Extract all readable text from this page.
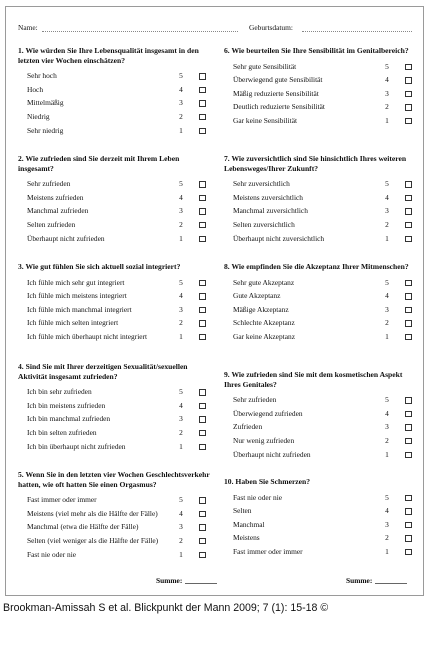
Name:	Geburtsdatum:
1. Wie würden Sie Ihre Lebensqualität insgesamt in den letzten vier Wochen einschätzen?
Sehr hoch	5
Hoch	4
Mittelmäßig	3
Niedrig	2
Sehr niedrig	1
2. Wie zufrieden sind Sie derzeit mit Ihrem Leben insgesamt?
Sehr zufrieden	5
Meistens zufrieden	4
Manchmal zufrieden	3
Selten zufrieden	2
Überhaupt nicht zufrieden	1
3. Wie gut fühlen Sie sich aktuell sozial integriert?
Ich fühle mich sehr gut integriert	5
Ich fühle mich meistens integriert	4
Ich fühle mich manchmal integriert	3
Ich fühle mich selten integriert	2
Ich fühle mich überhaupt nicht integriert	1
4. Sind Sie mit Ihrer derzeitigen Sexualität/sexuellen Aktivität insgesamt zufrieden?
Ich bin sehr zufrieden	5
Ich bin meistens zufrieden	4
Ich bin manchmal zufrieden	3
Ich bin selten zufrieden	2
Ich bin überhaupt nicht zufrieden	1
5. Wenn Sie in den letzten vier Wochen Geschlechtsverkehr hatten, wie oft hatten Sie einen Orgasmus?
Fast immer oder immer	5
Meistens (viel mehr als die Hälfte der Fälle)	4
Manchmal (etwa die Hälfte der Fälle)	3
Selten (viel weniger als die Hälfte der Fälle)	2
Fast nie oder nie	1
6. Wie beurteilen Sie Ihre Sensibilität im Genitalbereich?
Sehr gute Sensibilität	5
Überwiegend gute Sensibilität	4
Mäßig reduzierte Sensibilität	3
Deutlich reduzierte Sensibilität	2
Gar keine Sensibilität	1
7. Wie zuversichtlich sind Sie hinsichtlich Ihres weiteren Lebensweges/Ihrer Zukunft?
Sehr zuversichtlich	5
Meistens zuversichtlich	4
Manchmal zuversichtlich	3
Selten zuversichtlich	2
Überhaupt nicht zuversichtlich	1
8. Wie empfinden Sie die Akzeptanz Ihrer Mitmenschen?
Sehr gute Akzeptanz	5
Gute Akzeptanz	4
Mäßige Akzeptanz	3
Schlechte Akzeptanz	2
Gar keine Akzeptanz	1
9. Wie zufrieden sind Sie mit dem kosmetischen Aspekt Ihres Genitales?
Sehr zufrieden	5
Überwiegend zufrieden	4
Zufrieden	3
Nur wenig zufrieden	2
Überhaupt nicht zufrieden	1
10. Haben Sie Schmerzen?
Fast nie oder nie	5
Selten	4
Manchmal	3
Meistens	2
Fast immer oder immer	1
Summe:	Summe:
Brookman-Amissah S et al. Blickpunkt der Mann 2009; 7 (1): 15-18 ©
